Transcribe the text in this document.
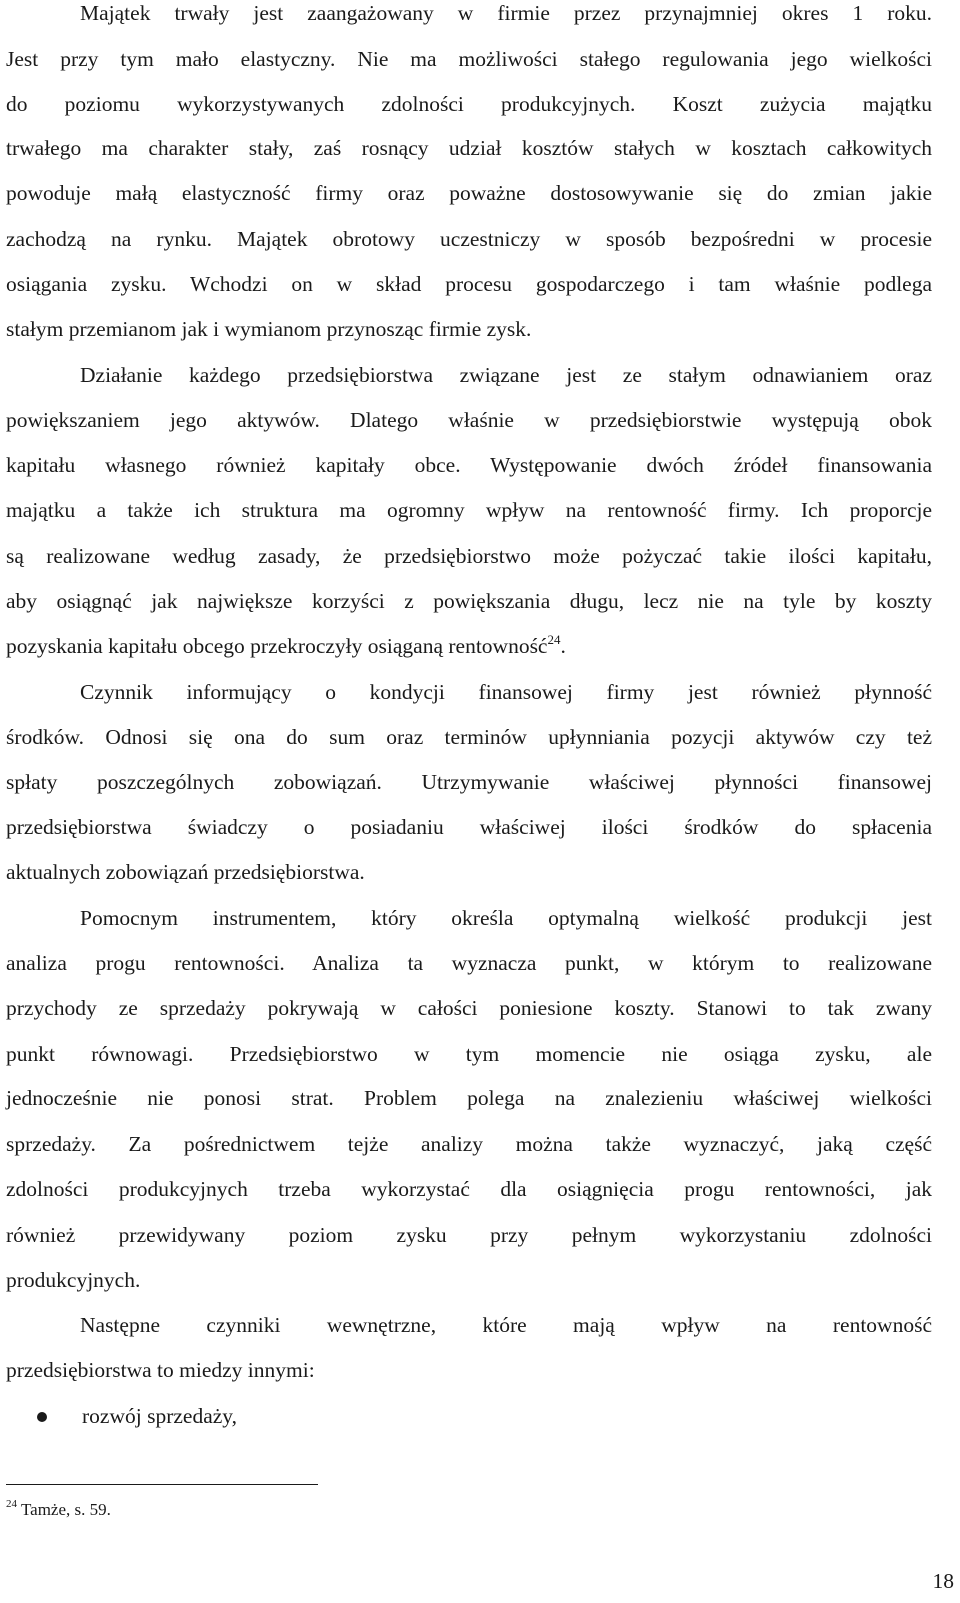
Majątek trwały jest zaangażowany w firmie przez przynajmniej okres 1 roku.
Jest przy tym mało elastyczny. Nie ma możliwości stałego regulowania jego wielkości
do poziomu wykorzystywanych zdolności produkcyjnych. Koszt zużycia majątku
trwałego ma charakter stały, zaś rosnący udział kosztów stałych w kosztach całkowitych
powoduje małą elastyczność firmy oraz poważne dostosowywanie się do zmian jakie
zachodzą na rynku. Majątek obrotowy uczestniczy w sposób bezpośredni w procesie
osiągania zysku. Wchodzi on w skład procesu gospodarczego i tam właśnie podlega
stałym przemianom jak i wymianom przynosząc firmie zysk.
Działanie każdego przedsiębiorstwa związane jest ze stałym odnawianiem oraz
powiększaniem jego aktywów. Dlatego właśnie w przedsiębiorstwie występują obok
kapitału własnego również kapitały obce. Występowanie dwóch źródeł finansowania
majątku a także ich struktura ma ogromny wpływ na rentowność firmy. Ich proporcje
są realizowane według zasady, że przedsiębiorstwo może pożyczać takie ilości kapitału,
aby osiągnąć jak największe korzyści z powiększania długu, lecz nie na tyle by koszty
pozyskania kapitału obcego przekroczyły osiąganą rentowność$^{24}$.
Czynnik informujący o kondycji finansowej firmy jest również płynność
środków. Odnosi się ona do sum oraz terminów upłynniania pozycji aktywów czy też
spłaty poszczególnych zobowiązań. Utrzymywanie właściwej płynności finansowej
przedsiębiorstwa świadczy o posiadaniu właściwej ilości środków do spłacenia
aktualnych zobowiązań przedsiębiorstwa.
Pomocnym instrumentem, który określa optymalną wielkość produkcji jest
analiza progu rentowności. Analiza ta wyznacza punkt, w którym to realizowane
przychody ze sprzedaży pokrywają w całości poniesione koszty. Stanowi to tak zwany
punkt równowagi. Przedsiębiorstwo w tym momencie nie osiąga zysku, ale
jednocześnie nie ponosi strat. Problem polega na znalezieniu właściwej wielkości
sprzedaży. Za pośrednictwem tejże analizy można także wyznaczyć, jaką część
zdolności produkcyjnych trzeba wykorzystać dla osiągnięcia progu rentowności, jak
również przewidywany poziom zysku przy pełnym wykorzystaniu zdolności
produkcyjnych.
Następne czynniki wewnętrzne, które mają wpływ na rentowność
przedsiębiorstwa to miedzy innymi:
rozwój sprzedaży,
$^{24}$ Tamże, s. 59.
18
